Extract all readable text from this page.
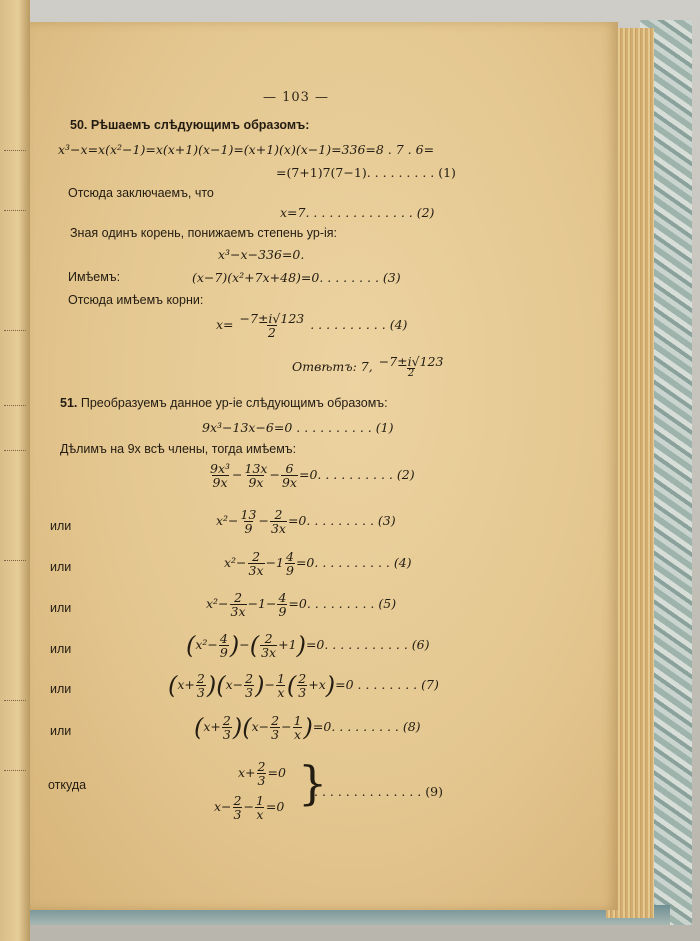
— 103 —
50. Рѣшаемъ слѣдующимъ образомъ:
x³−x=x(x²−1)=x(x+1)(x−1)=(x+1)(x)(x−1)=336=8 . 7 . 6=
=(7+1)7(7−1). . . . . . . . . (1)
Отсюда заключаемъ, что
x=7. . . . . . . . . . . . . . (2)
Зная одинъ корень, понижаемъ степень ур-iя:
x³−x−336=0.
Имѣемъ:	(x−7)(x²+7x+48)=0. . . . . . . . (3)
Отсюда имѣемъ корни:
$x= \frac{-7\pm i√123}{2}$ . . . . . . . . . . (4)
Отвѣтъ: 7, $\frac{-7\pm i√123}{2}$
51. Преобразуемъ данное ур-iе слѣдующимъ образомъ:
9x³−13x−6=0 . . . . . . . . . . (1)
Дѣлимъ на 9x всѣ члены, тогда имѣемъ:
$\frac{\text{9x³}}{9x} - \frac{13x}{9x} - \frac{6}{9x} =0$. . . . . . . . . . (2)
или	$x^2- \frac{13}{9} - \frac{2}{3x} =0$. . . . . . . . . (3)
или	$x^2- \frac{2}{3x} -1 \frac{4}{9} =0$. . . . . . . . . . (4)
или	$x^2- \frac{2}{3x} -1- \frac{4}{9} =0$. . . . . . . . . (5)
или	($x^2- \frac{4}{9}$ )−( $\frac{2}{3x} +1)=0$. . . . . . . . . . . (6)
или	$(x+ \frac{2}{3} )(x- \frac{2}{3}$ )− $\frac{1}{x}$ ( $\frac{2}{3} +x)=0$ . . . . . . . . (7)
или	$(x+ \frac{2}{3} )(x- \frac{2}{3} - \frac{1}{x} )=0$. . . . . . . . . (8)
откуда
$x+ \frac{2}{3} =0$
$x- \frac{2}{3} - \frac{1}{x} =0$ }
. . . . . . . . . . . . . . (9)
